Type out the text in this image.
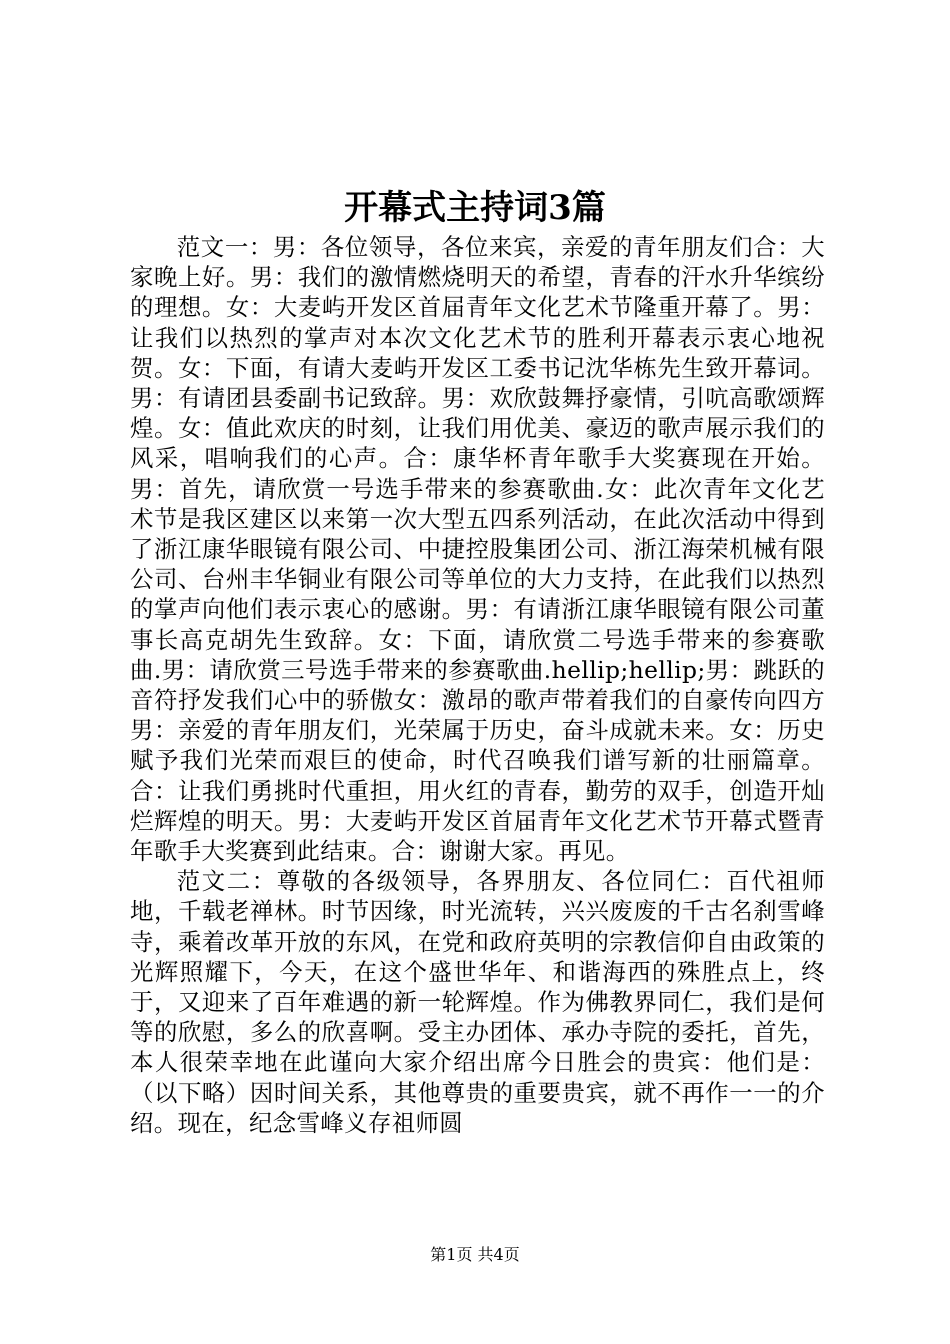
开幕式主持词3篇

范文一：男：各位领导，各位来宾，亲爱的青年朋友们合：大家晚上好。男：我们的激情燃烧明天的希望，青春的汗水升华缤纷的理想。女：大麦屿开发区首届青年文化艺术节隆重开幕了。男：让我们以热烈的掌声对本次文化艺术节的胜利开幕表示衷心地祝贺。女：下面，有请大麦屿开发区工委书记沈华栋先生致开幕词。男：有请团县委副书记致辞。男：欢欣鼓舞抒豪情，引吭高歌颂辉煌。女：值此欢庆的时刻，让我们用优美、豪迈的歌声展示我们的风采，唱响我们的心声。合：康华杯青年歌手大奖赛现在开始。男：首先，请欣赏一号选手带来的参赛歌曲.女：此次青年文化艺术节是我区建区以来第一次大型五四系列活动，在此次活动中得到了浙江康华眼镜有限公司、中捷控股集团公司、浙江海荣机械有限公司、台州丰华铜业有限公司等单位的大力支持，在此我们以热烈的掌声向他们表示衷心的感谢。男：有请浙江康华眼镜有限公司董事长高克胡先生致辞。女：下面，请欣赏二号选手带来的参赛歌曲.男：请欣赏三号选手带来的参赛歌曲.hellip;hellip;男：跳跃的音符抒发我们心中的骄傲女：激昂的歌声带着我们的自豪传向四方男：亲爱的青年朋友们，光荣属于历史，奋斗成就未来。女：历史赋予我们光荣而艰巨的使命，时代召唤我们谱写新的壮丽篇章。合：让我们勇挑时代重担，用火红的青春，勤劳的双手，创造开灿烂辉煌的明天。男：大麦屿开发区首届青年文化艺术节开幕式暨青年歌手大奖赛到此结束。合：谢谢大家。再见。

范文二：尊敬的各级领导，各界朋友、各位同仁：百代祖师地，千载老禅林。时节因缘，时光流转，兴兴废废的千古名刹雪峰寺，乘着改革开放的东风，在党和政府英明的宗教信仰自由政策的光辉照耀下，今天，在这个盛世华年、和谐海西的殊胜点上，终于，又迎来了百年难遇的新一轮辉煌。作为佛教界同仁，我们是何等的欣慰，多么的欣喜啊。受主办团体、承办寺院的委托，首先，本人很荣幸地在此谨向大家介绍出席今日胜会的贵宾：他们是：（以下略）因时间关系，其他尊贵的重要贵宾，就不再作一一的介绍。现在，纪念雪峰义存祖师圆

第1页 共4页
